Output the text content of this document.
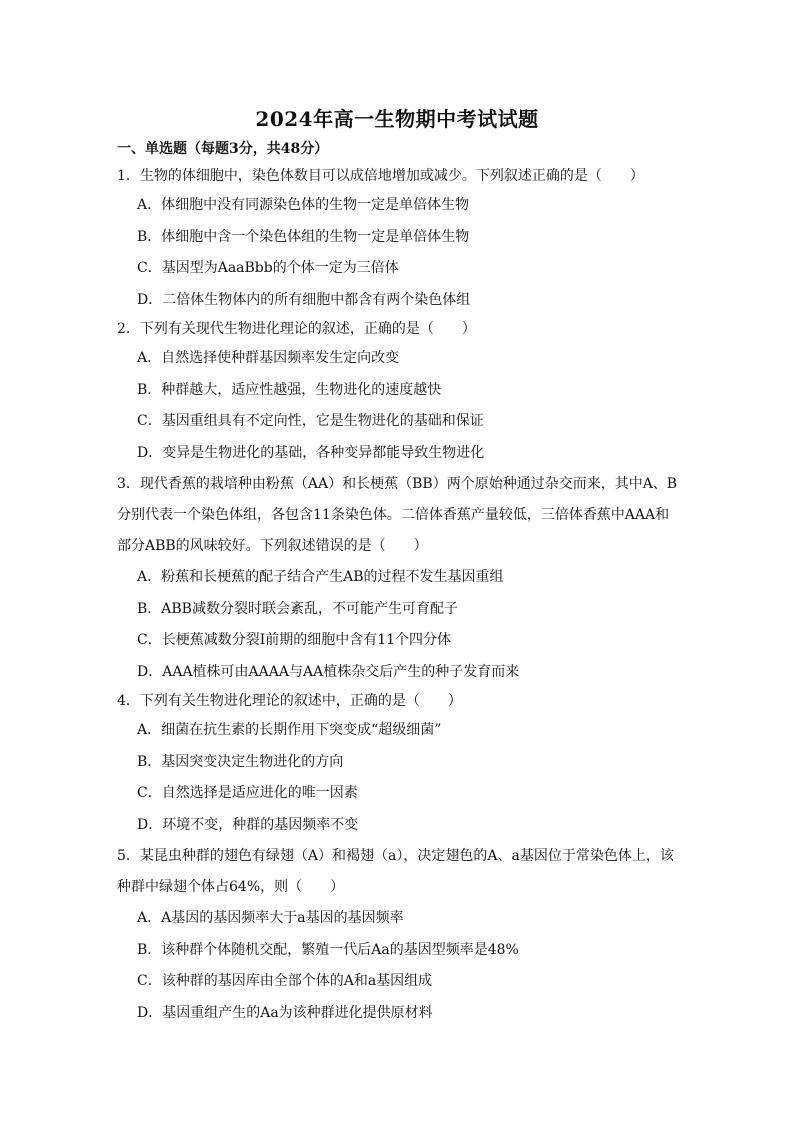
2024年高一生物期中考试试题
一、单选题（每题3分，共48分）

1．生物的体细胞中，染色体数目可以成倍地增加或减少。下列叙述正确的是（　　）

A．体细胞中没有同源染色体的生物一定是单倍体生物
B．体细胞中含一个染色体组的生物一定是单倍体生物
C．基因型为AaaBbb的个体一定为三倍体
D．二倍体生物体内的所有细胞中都含有两个染色体组

2．下列有关现代生物进化理论的叙述，正确的是（　　）

A．自然选择使种群基因频率发生定向改变
B．种群越大，适应性越强，生物进化的速度越快
C．基因重组具有不定向性，它是生物进化的基础和保证
D．变异是生物进化的基础，各种变异都能导致生物进化

3．现代香蕉的栽培种由粉蕉（AA）和长梗蕉（BB）两个原始种通过杂交而来，其中A、B分别代表一个染色体组，各包含11条染色体。二倍体香蕉产量较低，三倍体香蕉中AAA和部分ABB的风味较好。下列叙述错误的是（　　）

A．粉蕉和长梗蕉的配子结合产生AB的过程不发生基因重组
B．ABB减数分裂时联会紊乱，不可能产生可育配子
C．长梗蕉减数分裂I前期的细胞中含有11个四分体
D．AAA植株可由AAAA与AA植株杂交后产生的种子发育而来

4．下列有关生物进化理论的叙述中，正确的是（　　）

A．细菌在抗生素的长期作用下突变成“超级细菌”
B．基因突变决定生物进化的方向
C．自然选择是适应进化的唯一因素
D．环境不变，种群的基因频率不变

5．某昆虫种群的翅色有绿翅（A）和褐翅（a），决定翅色的A、a基因位于常染色体上，该种群中绿翅个体占64%，则（　　）

A．A基因的基因频率大于a基因的基因频率
B．该种群个体随机交配，繁殖一代后Aa的基因型频率是48%
C．该种群的基因库由全部个体的A和a基因组成
D．基因重组产生的Aa为该种群进化提供原材料
